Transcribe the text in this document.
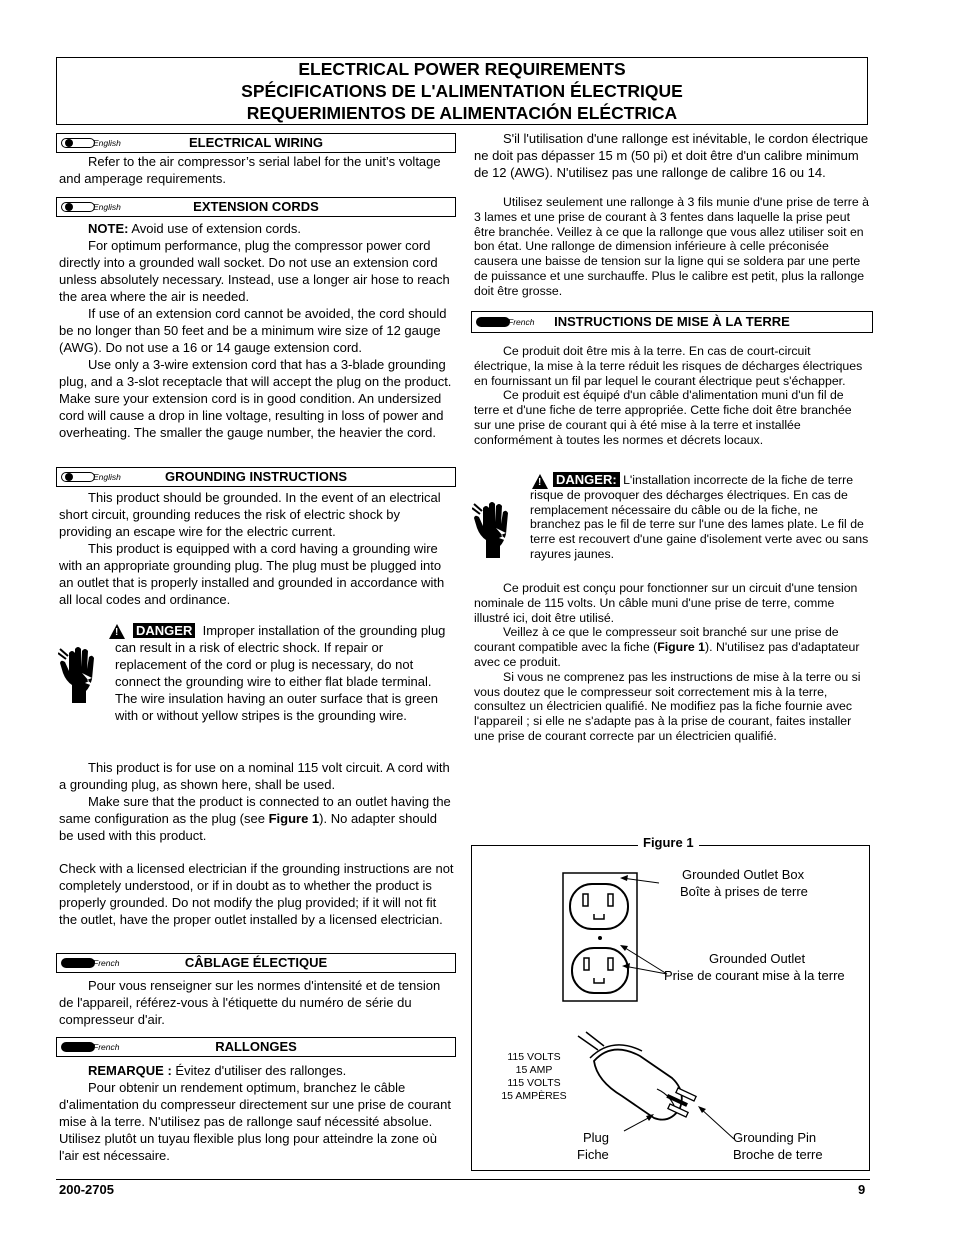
ELECTRICAL POWER REQUIREMENTS
SPÉCIFICATIONS DE L'ALIMENTATION ÉLECTRIQUE
REQUERIMIENTOS DE ALIMENTACIÓN ELÉCTRICA
English	ELECTRICAL WIRING

Refer to the air compressor’s serial label for the unit’s voltage and amperage requirements.

English	EXTENSION CORDS

NOTE: Avoid use of extension cords.

For optimum performance, plug the compressor power cord directly into a grounded wall socket. Do not use an extension cord unless absolutely necessary. Instead, use a longer air hose to reach the area where the air is needed.

If use of an extension cord cannot be avoided, the cord should be no longer than 50 feet and be a minimum wire size of 12 gauge (AWG). Do not use a 16 or 14 gauge extension cord.

Use only a 3-wire extension cord that has a 3-blade grounding plug, and a 3-slot receptacle that will accept the plug on the product. Make sure your extension cord is in good condition. An undersized cord will cause a drop in line voltage, resulting in loss of power and overheating. The smaller the gauge number, the heavier the cord.

English	GROUNDING INSTRUCTIONS

This product should be grounded. In the event of an electrical short circuit, grounding reduces the risk of electric shock by providing an escape wire for the electric current.

This product is equipped with a cord having a grounding wire with an appropriate grounding plug. The plug must be plugged into an outlet that is properly installed and grounded in accordance with all local codes and ordinance.

!	DANGER Improper installation of the grounding plug can result in a risk of electric shock. If repair or replacement of the cord or plug is necessary, do not connect the grounding wire to either flat blade terminal. The wire insulation having an outer surface that is green with or without yellow stripes is the grounding wire.

This product is for use on a nominal 115 volt circuit. A cord with a grounding plug, as shown here, shall be used.

Make sure that the product is connected to an outlet having the same configuration as the plug (see Figure 1). No adapter should be used with this product.

Check with a licensed electrician if the grounding instructions are not completely understood, or if in doubt as to whether the product is properly grounded. Do not modify the plug provided; if it will not fit the outlet, have the proper outlet installed by a licensed electrician.

French	CÂBLAGE ÉLECTIQUE

Pour vous renseigner sur les normes d'intensité et de tension de l'appareil, référez-vous à l'étiquette du numéro de série du compresseur d'air.

French	RALLONGES

REMARQUE : Évitez d'utiliser des rallonges.

Pour obtenir un rendement optimum, branchez le câble d'alimentation du compresseur directement sur une prise de courant mise à la terre. N'utilisez pas de rallonge sauf nécessité absolue. Utilisez plutôt un tuyau flexible plus long pour atteindre la zone où l'air est nécessaire.

S'il l'utilisation d'une rallonge est inévitable, le cordon électrique ne doit pas dépasser 15 m (50 pi) et doit être d'un calibre minimum de 12 (AWG). N'utilisez pas une rallonge de calibre 16 ou 14.

Utilisez seulement une rallonge à 3 fils munie d'une prise de terre à 3 lames et une prise de courant à 3 fentes dans laquelle la prise peut être branchée. Veillez à ce que la rallonge que vous allez utiliser soit en bon état. Une rallonge de dimension inférieure à celle préconisée causera une baisse de tension sur la ligne qui se soldera par une perte de puissance et une surchauffe. Plus le calibre est petit, plus la rallonge doit être grosse.

French	INSTRUCTIONS DE MISE À LA TERRE

Ce produit doit être mis à la terre. En cas de court-circuit électrique, la mise à la terre réduit les risques de décharges électriques en fournissant un fil par lequel le courant électrique peut s'échapper.

Ce produit est équipé d'un câble d'alimentation muni d'un fil de terre et d'une fiche de terre appropriée. Cette fiche doit être branchée sur une prise de courant qui à été mise à la terre et installée conformément à toutes les normes et décrets locaux.

!	DANGER: L'installation incorrecte de la fiche de terre risque de provoquer des décharges électriques. En cas de remplacement nécessaire du câble ou de la fiche, ne branchez pas le fil de terre sur l'une des lames plate. Le fil de terre est recouvert d'une gaine d'isolement verte avec ou sans rayures jaunes.

Ce produit est conçu pour fonctionner sur un circuit d'une tension nominale de 115 volts. Un câble muni d'une prise de terre, comme illustré ici, doit être utilisé.

Veillez à ce que le compresseur soit branché sur une prise de courant compatible avec la fiche (Figure 1). N'utilisez pas d'adaptateur avec ce produit.

Si vous ne comprenez pas les instructions de mise à la terre ou si vous doutez que le compresseur soit correctement mis à la terre, consultez un électricien qualifié. Ne modifiez pas la fiche fournie avec l'appareil ; si elle ne s'adapte pas à la prise de courant, faites installer une prise de courant correcte par un électricien qualifié.

Figure 1
Grounded Outlet Box
Boîte à prises de terre
Grounded Outlet
Prise de courant mise à la terre
115 VOLTS
15 AMP
115 VOLTS
15 AMPÈRES
Plug
Fiche
Grounding Pin
Broche de terre
200-2705	9
